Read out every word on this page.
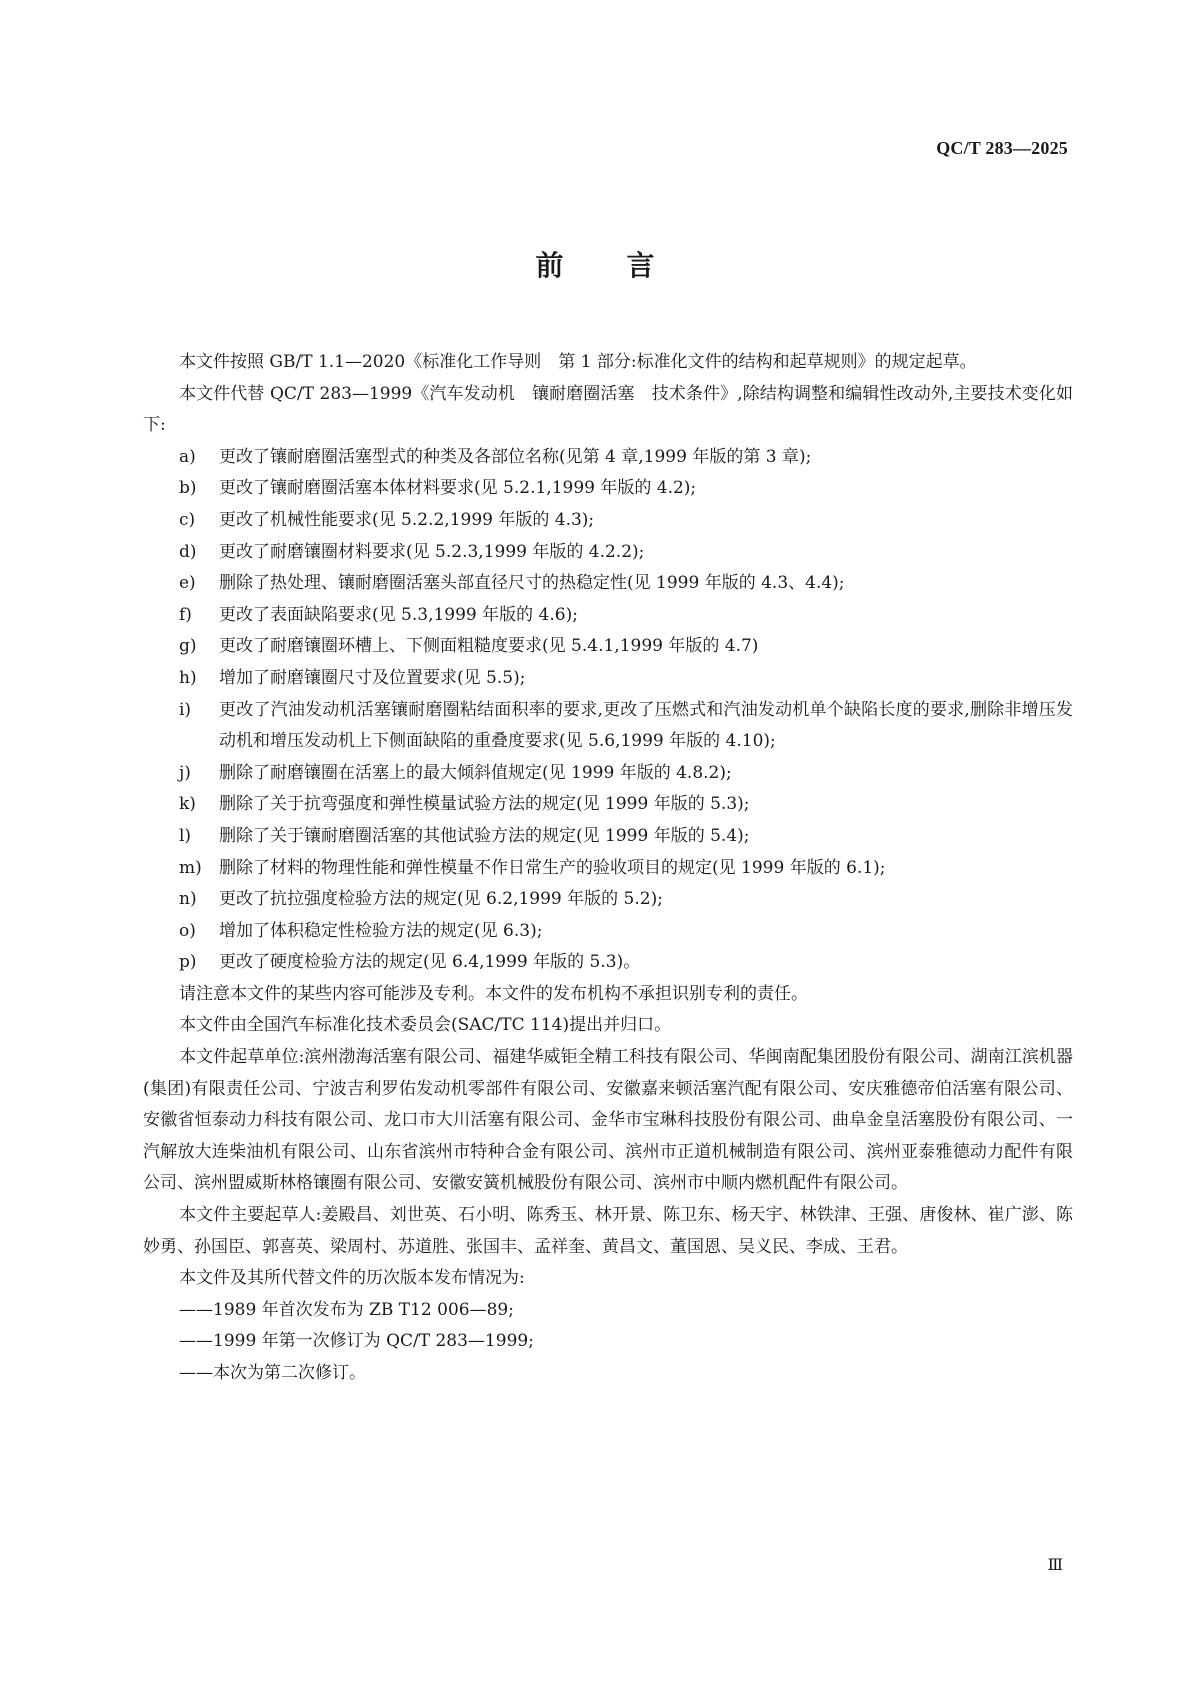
QC/T 283—2025
前 言
本文件按照 GB/T 1.1—2020《标准化工作导则　第 1 部分:标准化文件的结构和起草规则》的规定起草。
本文件代替 QC/T 283—1999《汽车发动机　镶耐磨圈活塞　技术条件》,除结构调整和编辑性改动外,主要技术变化如下:
a)	更改了镶耐磨圈活塞型式的种类及各部位名称(见第 4 章,1999 年版的第 3 章);
b)	更改了镶耐磨圈活塞本体材料要求(见 5.2.1,1999 年版的 4.2);
c)	更改了机械性能要求(见 5.2.2,1999 年版的 4.3);
d)	更改了耐磨镶圈材料要求(见 5.2.3,1999 年版的 4.2.2);
e)	删除了热处理、镶耐磨圈活塞头部直径尺寸的热稳定性(见 1999 年版的 4.3、4.4);
f)	更改了表面缺陷要求(见 5.3,1999 年版的 4.6);
g)	更改了耐磨镶圈环槽上、下侧面粗糙度要求(见 5.4.1,1999 年版的 4.7)
h)	增加了耐磨镶圈尺寸及位置要求(见 5.5);
i)	更改了汽油发动机活塞镶耐磨圈粘结面积率的要求,更改了压燃式和汽油发动机单个缺陷长度的要求,删除非增压发动机和增压发动机上下侧面缺陷的重叠度要求(见 5.6,1999 年版的 4.10);
j)	删除了耐磨镶圈在活塞上的最大倾斜值规定(见 1999 年版的 4.8.2);
k)	删除了关于抗弯强度和弹性模量试验方法的规定(见 1999 年版的 5.3);
l)	删除了关于镶耐磨圈活塞的其他试验方法的规定(见 1999 年版的 5.4);
m)	删除了材料的物理性能和弹性模量不作日常生产的验收项目的规定(见 1999 年版的 6.1);
n)	更改了抗拉强度检验方法的规定(见 6.2,1999 年版的 5.2);
o)	增加了体积稳定性检验方法的规定(见 6.3);
p)	更改了硬度检验方法的规定(见 6.4,1999 年版的 5.3)。
请注意本文件的某些内容可能涉及专利。本文件的发布机构不承担识别专利的责任。
本文件由全国汽车标准化技术委员会(SAC/TC 114)提出并归口。
本文件起草单位:滨州渤海活塞有限公司、福建华威钜全精工科技有限公司、华闽南配集团股份有限公司、湖南江滨机器(集团)有限责任公司、宁波吉利罗佑发动机零部件有限公司、安徽嘉来顿活塞汽配有限公司、安庆雅德帝伯活塞有限公司、安徽省恒泰动力科技有限公司、龙口市大川活塞有限公司、金华市宝琳科技股份有限公司、曲阜金皇活塞股份有限公司、一汽解放大连柴油机有限公司、山东省滨州市特种合金有限公司、滨州市正道机械制造有限公司、滨州亚泰雅德动力配件有限公司、滨州盟威斯林格镶圈有限公司、安徽安簧机械股份有限公司、滨州市中顺内燃机配件有限公司。
本文件主要起草人:姜殿昌、刘世英、石小明、陈秀玉、林开景、陈卫东、杨天宇、林铁津、王强、唐俊林、崔广澎、陈妙勇、孙国臣、郭喜英、梁周村、苏道胜、张国丰、孟祥奎、黄昌文、董国恩、吴义民、李成、王君。
本文件及其所代替文件的历次版本发布情况为:
——1989 年首次发布为 ZB T12 006—89;
——1999 年第一次修订为 QC/T 283—1999;
——本次为第二次修订。
Ⅲ
